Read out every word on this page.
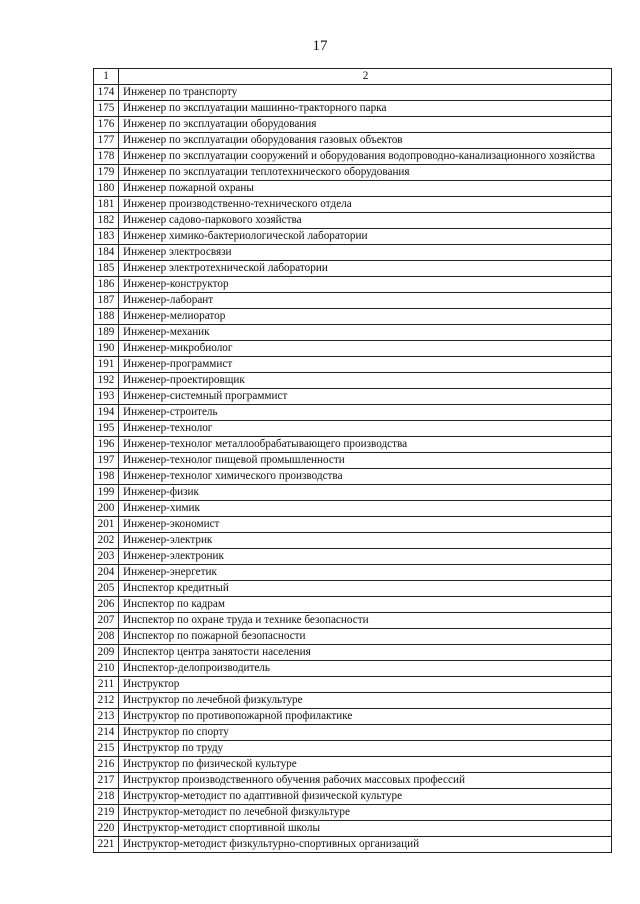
17
1	2
174	Инженер по транспорту
175	Инженер по эксплуатации машинно-тракторного парка
176	Инженер по эксплуатации оборудования
177	Инженер по эксплуатации оборудования газовых объектов
178	Инженер по эксплуатации сооружений и оборудования водопроводно-канализационного хозяйства
179	Инженер по эксплуатации теплотехнического оборудования
180	Инженер пожарной охраны
181	Инженер производственно-технического отдела
182	Инженер садово-паркового хозяйства
183	Инженер химико-бактериологической лаборатории
184	Инженер электросвязи
185	Инженер электротехнической лаборатории
186	Инженер-конструктор
187	Инженер-лаборант
188	Инженер-мелиоратор
189	Инженер-механик
190	Инженер-микробиолог
191	Инженер-программист
192	Инженер-проектировщик
193	Инженер-системный программист
194	Инженер-строитель
195	Инженер-технолог
196	Инженер-технолог металлообрабатывающего производства
197	Инженер-технолог пищевой промышленности
198	Инженер-технолог химического производства
199	Инженер-физик
200	Инженер-химик
201	Инженер-экономист
202	Инженер-электрик
203	Инженер-электроник
204	Инженер-энергетик
205	Инспектор кредитный
206	Инспектор по кадрам
207	Инспектор по охране труда и технике безопасности
208	Инспектор по пожарной безопасности
209	Инспектор центра занятости населения
210	Инспектор-делопроизводитель
211	Инструктор
212	Инструктор по лечебной физкультуре
213	Инструктор по противопожарной профилактике
214	Инструктор по спорту
215	Инструктор по труду
216	Инструктор по физической культуре
217	Инструктор производственного обучения рабочих массовых профессий
218	Инструктор-методист по адаптивной физической культуре
219	Инструктор-методист по лечебной физкультуре
220	Инструктор-методист спортивной школы
221	Инструктор-методист физкультурно-спортивных организаций
